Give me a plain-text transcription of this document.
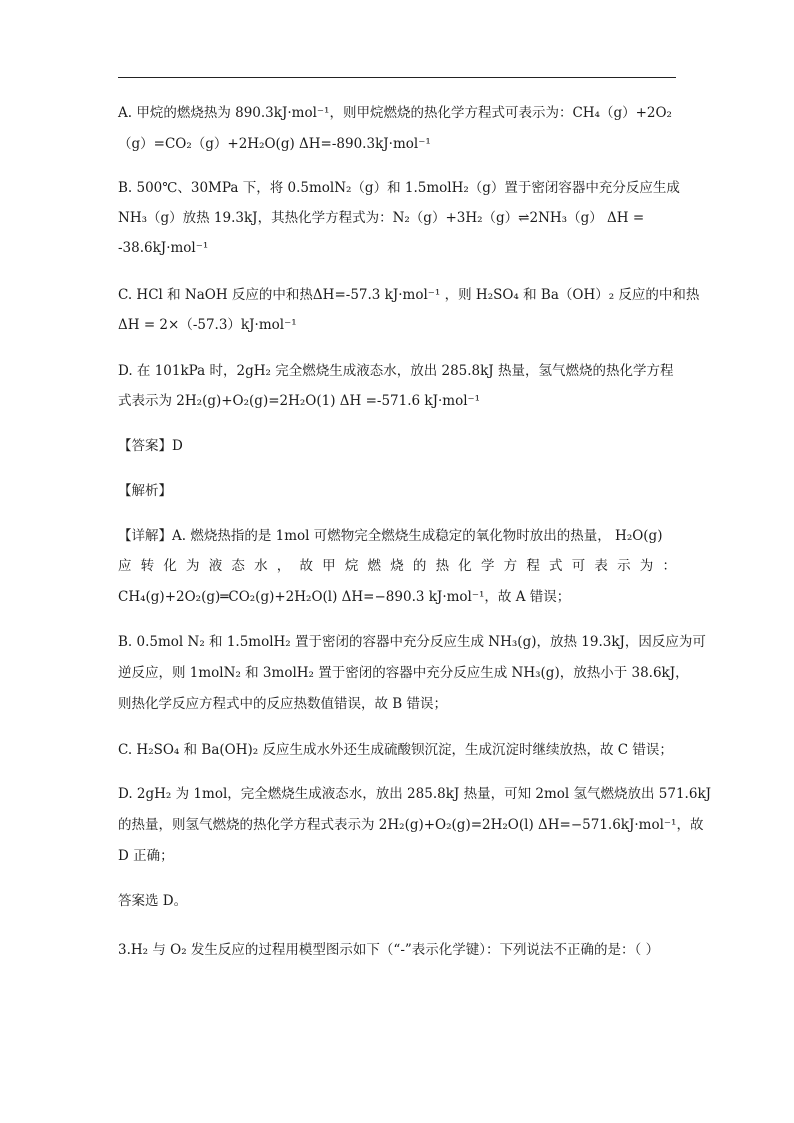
A. 甲烷的燃烧热为 890.3kJ·mol⁻¹，则甲烷燃烧的热化学方程式可表示为：CH₄（g）+2O₂
（g）=CO₂（g）+2H₂O(g) ΔH=-890.3kJ·mol⁻¹
B. 500℃、30MPa 下，将 0.5molN₂（g）和 1.5molH₂（g）置于密闭容器中充分反应生成
NH₃（g）放热 19.3kJ，其热化学方程式为：N₂（g）+3H₂（g）⇌2NH₃（g） ΔH =
-38.6kJ·mol⁻¹
C. HCl 和 NaOH 反应的中和热ΔH=-57.3 kJ·mol⁻¹ ，则 H₂SO₄ 和 Ba（OH）₂ 反应的中和热
ΔH = 2×（-57.3）kJ·mol⁻¹
D. 在 101kPa 时，2gH₂ 完全燃烧生成液态水，放出 285.8kJ 热量，氢气燃烧的热化学方程
式表示为 2H₂(g)+O₂(g)=2H₂O(1) ΔH =-571.6 kJ·mol⁻¹
【答案】D
【解析】
【详解】A. 燃烧热指的是 1mol 可燃物完全燃烧生成稳定的氧化物时放出的热量， H₂O(g)
应 转 化 为 液 态 水 ， 故 甲 烷 燃 烧 的 热 化 学 方 程 式 可 表 示 为 ：
CH₄(g)+2O₂(g)═CO₂(g)+2H₂O(l) ΔH=−890.3 kJ·mol⁻¹，故 A 错误；
B. 0.5mol N₂ 和 1.5molH₂ 置于密闭的容器中充分反应生成 NH₃(g)，放热 19.3kJ，因反应为可
逆反应，则 1molN₂ 和 3molH₂ 置于密闭的容器中充分反应生成 NH₃(g)，放热小于 38.6kJ，
则热化学反应方程式中的反应热数值错误，故 B 错误；
C. H₂SO₄ 和 Ba(OH)₂ 反应生成水外还生成硫酸钡沉淀，生成沉淀时继续放热，故 C 错误；
D. 2gH₂ 为 1mol，完全燃烧生成液态水，放出 285.8kJ 热量，可知 2mol 氢气燃烧放出 571.6kJ
的热量，则氢气燃烧的热化学方程式表示为 2H₂(g)+O₂(g)=2H₂O(l) ΔH=−571.6kJ·mol⁻¹，故
D 正确；
答案选 D。
3.H₂ 与 O₂ 发生反应的过程用模型图示如下（“-”表示化学键）：下列说法不正确的是：（ ）
